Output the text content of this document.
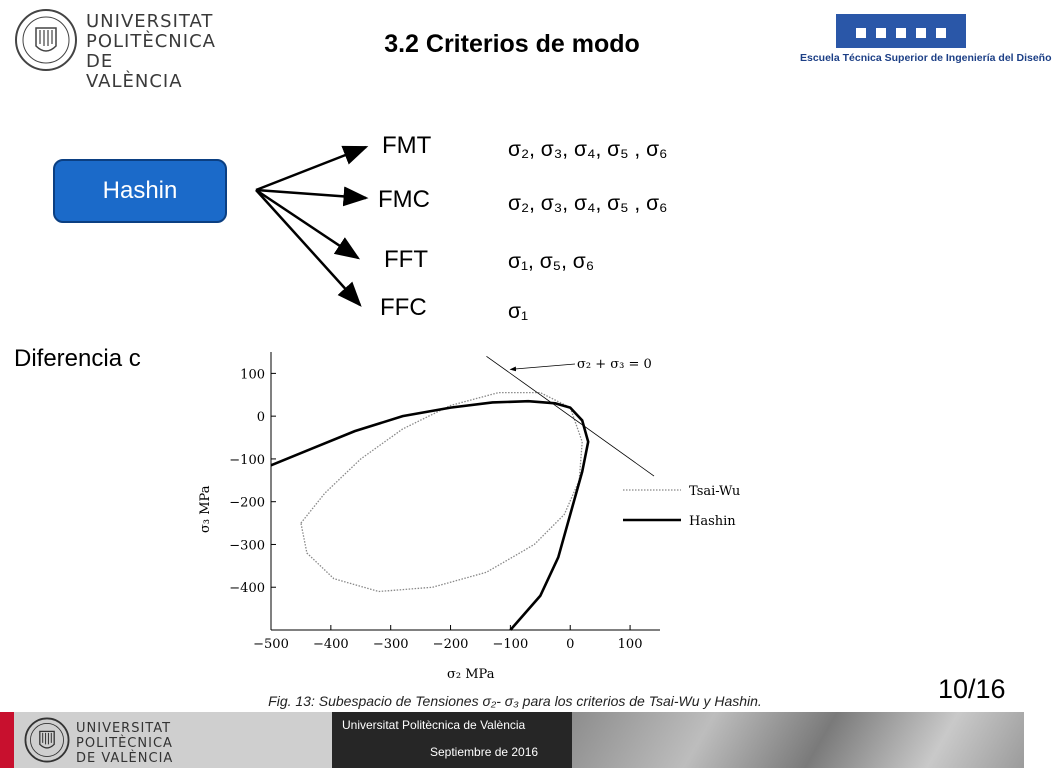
UNIVERSITAT
POLITÈCNICA
DE VALÈNCIA
3.2 Criterios de modo	Escuela Técnica Superior de Ingeniería del Diseño
Hashin
FMT	σ₂, σ₃, σ₄, σ₅ , σ₆
FMC	σ₂, σ₃, σ₄, σ₅ , σ₆
FFT	σ₁, σ₅, σ₆
FFC	σ₁
Diferencia c
−500 −400 −300 −200 −100	0	100
100
0
−100
−200
−300
−400
σ₂ + σ₃ = 0
σ₂ MPa
σ₃ MPa	Tsai-Wu
Hashin
Fig. 13: Subespacio de Tensiones σ₂- σ₃ para los criterios de Tsai-Wu y Hashin.	10/16
UNIVERSITAT
POLITÈCNICA
DE VALÈNCIA
Universitat Politècnica de València
Septiembre de 2016
